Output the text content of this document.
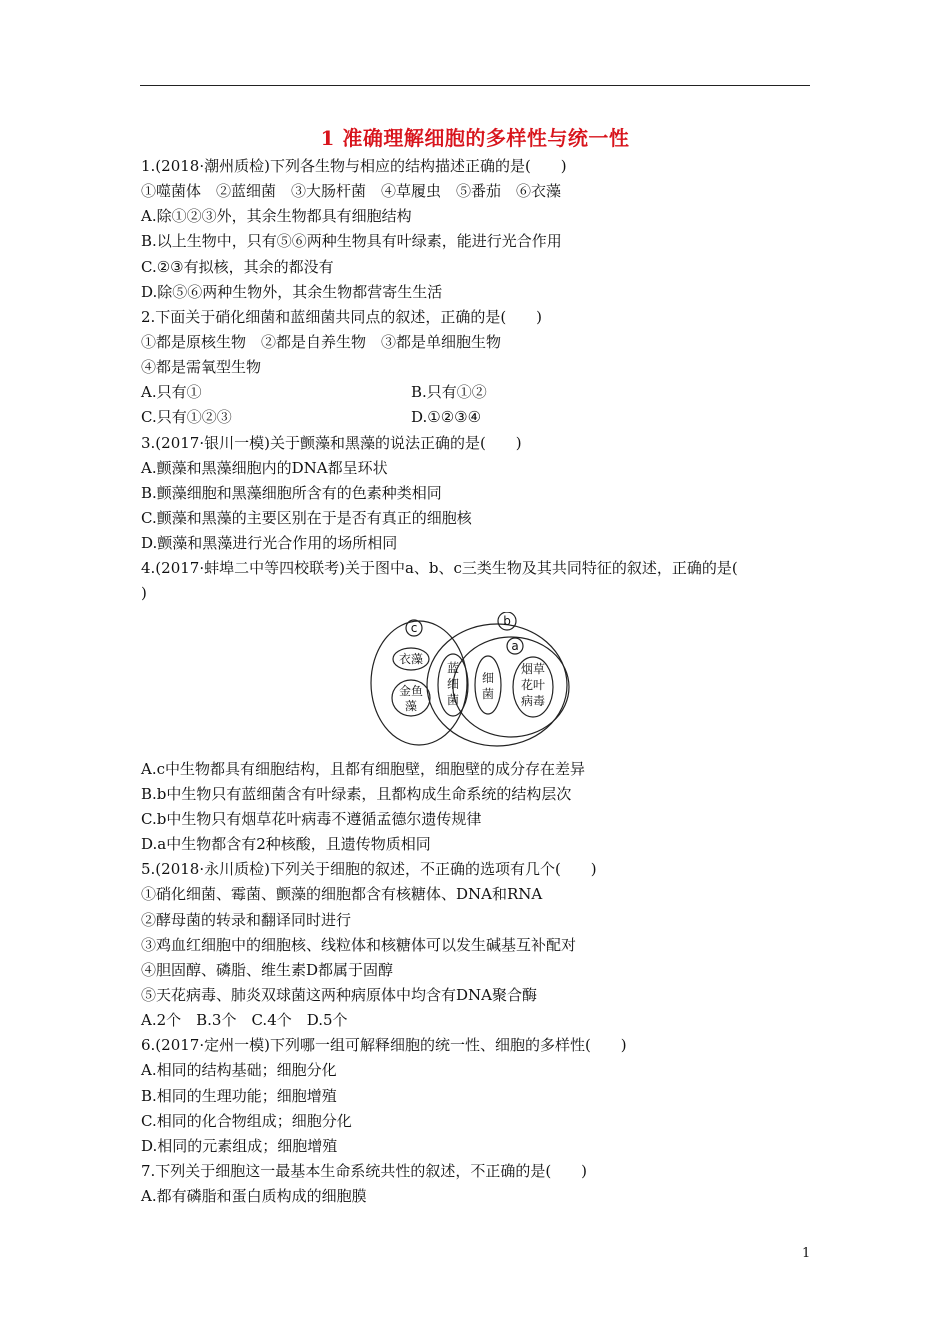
1 准确理解细胞的多样性与统一性
1.(2018·潮州质检)下列各生物与相应的结构描述正确的是(　　)
①噬菌体　②蓝细菌　③大肠杆菌　④草履虫　⑤番茄　⑥衣藻
A.除①②③外，其余生物都具有细胞结构
B.以上生物中，只有⑤⑥两种生物具有叶绿素，能进行光合作用
C.②③有拟核，其余的都没有
D.除⑤⑥两种生物外，其余生物都营寄生生活
2.下面关于硝化细菌和蓝细菌共同点的叙述，正确的是(　　)
①都是原核生物　②都是自养生物　③都是单细胞生物
④都是需氧型生物
A.只有①	B.只有①②
C.只有①②③	D.①②③④
3.(2017·银川一模)关于颤藻和黑藻的说法正确的是(　　)
A.颤藻和黑藻细胞内的DNA都呈环状
B.颤藻细胞和黑藻细胞所含有的色素种类相同
C.颤藻和黑藻的主要区别在于是否有真正的细胞核
D.颤藻和黑藻进行光合作用的场所相同
4.(2017·蚌埠二中等四校联考)关于图中a、b、c三类生物及其共同特征的叙述，正确的是(
)
c	b
a
衣藻
金鱼
藻
蓝
细
菌
细
菌
烟草
花叶
病毒
A.c中生物都具有细胞结构，且都有细胞壁，细胞壁的成分存在差异
B.b中生物只有蓝细菌含有叶绿素，且都构成生命系统的结构层次
C.b中生物只有烟草花叶病毒不遵循孟德尔遗传规律
D.a中生物都含有2种核酸，且遗传物质相同
5.(2018·永川质检)下列关于细胞的叙述，不正确的选项有几个(　　)
①硝化细菌、霉菌、颤藻的细胞都含有核糖体、DNA和RNA
②酵母菌的转录和翻译同时进行
③鸡血红细胞中的细胞核、线粒体和核糖体可以发生碱基互补配对
④胆固醇、磷脂、维生素D都属于固醇
⑤天花病毒、肺炎双球菌这两种病原体中均含有DNA聚合酶
A.2个　B.3个　C.4个　D.5个
6.(2017·定州一模)下列哪一组可解释细胞的统一性、细胞的多样性(　　)
A.相同的结构基础；细胞分化
B.相同的生理功能；细胞增殖
C.相同的化合物组成；细胞分化
D.相同的元素组成；细胞增殖
7.下列关于细胞这一最基本生命系统共性的叙述，不正确的是(　　)
A.都有磷脂和蛋白质构成的细胞膜
1
